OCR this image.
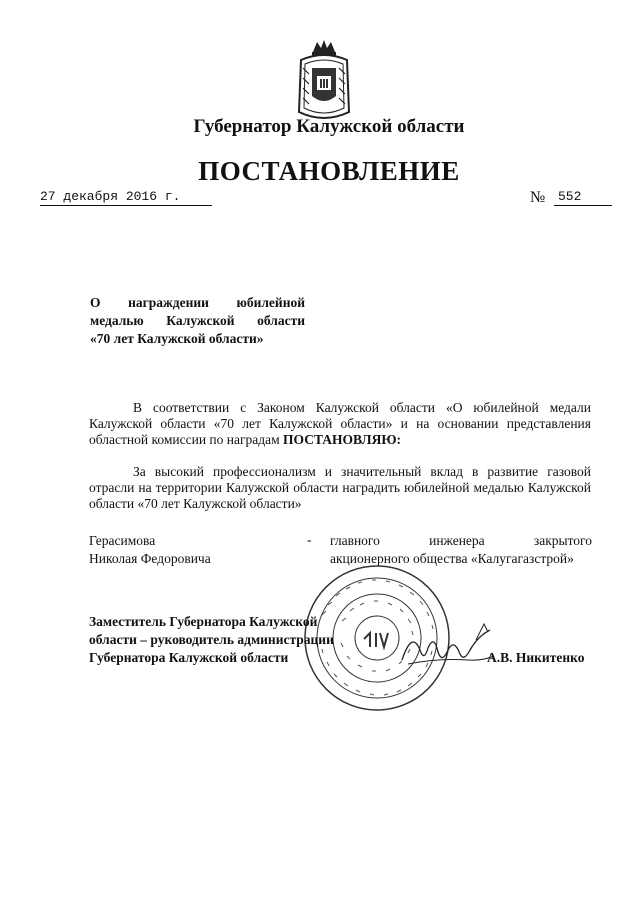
Губернатор Калужской области
ПОСТАНОВЛЕНИЕ
27 декабря 2016 г.	№ 552
О награждении юбилейной
медалью Калужской области
«70 лет Калужской области»
В соответствии с Законом Калужской области «О юбилейной медали Калужской области «70 лет Калужской области» и на основании представления областной комиссии по наградам ПОСТАНОВЛЯЮ:
За высокий профессионализм и значительный вклад в развитие газовой отрасли на территории Калужской области наградить юбилейной медалью Калужской области «70 лет Калужской области»
Герасимова
Николая Федоровича
- главного инженера закрытого
акционерного общества «Калугагазстрой»
Заместитель Губернатора Калужской
области – руководитель администрации
Губернатора Калужской области	А.В. Никитенко
